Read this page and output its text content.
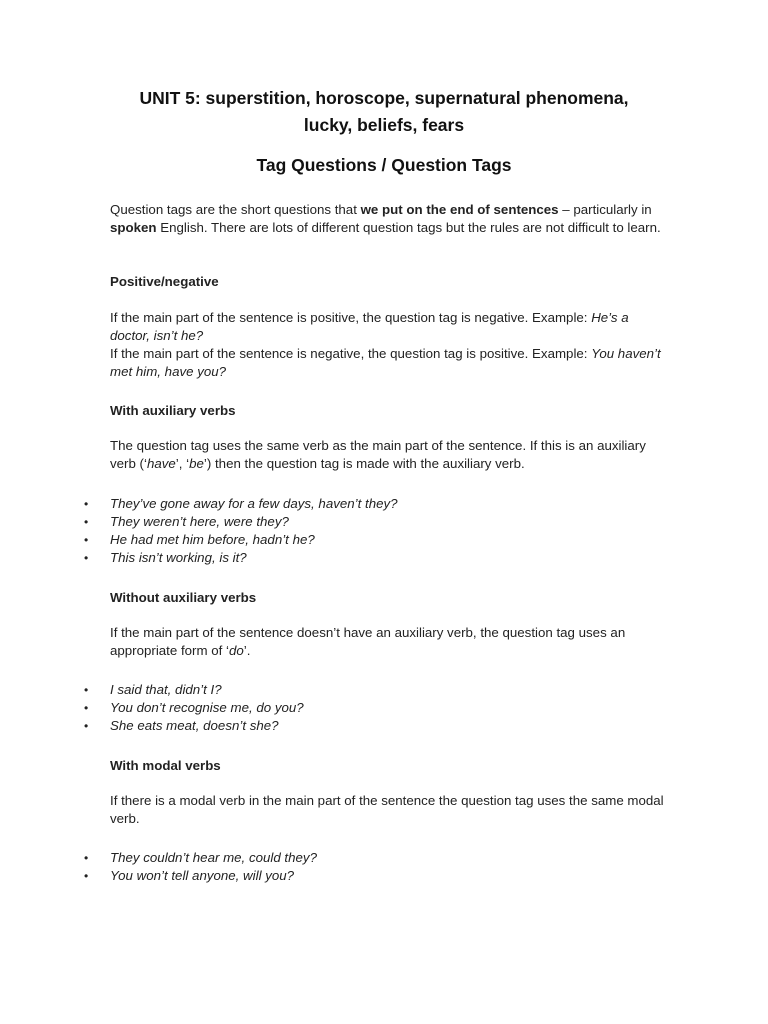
UNIT 5: superstition, horoscope, supernatural phenomena,
lucky, beliefs, fears
Tag Questions / Question Tags
Question tags are the short questions that we put on the end of sentences – particularly in spoken English. There are lots of different question tags but the rules are not difficult to learn.
Positive/negative
If the main part of the sentence is positive, the question tag is negative. Example: He’s a doctor, isn’t he?
If the main part of the sentence is negative, the question tag is positive. Example: You haven’t met him, have you?
With auxiliary verbs
The question tag uses the same verb as the main part of the sentence. If this is an auxiliary verb (‘have’, ‘be’) then the question tag is made with the auxiliary verb.
•	They’ve gone away for a few days, haven’t they?
•	They weren’t here, were they?
•	He had met him before, hadn’t he?
•	This isn’t working, is it?
Without auxiliary verbs
If the main part of the sentence doesn’t have an auxiliary verb, the question tag uses an appropriate form of ‘do’.
•	I said that, didn’t I?
•	You don’t recognise me, do you?
•	She eats meat, doesn’t she?
With modal verbs
If there is a modal verb in the main part of the sentence the question tag uses the same modal verb.
•	They couldn’t hear me, could they?
•	You won’t tell anyone, will you?
